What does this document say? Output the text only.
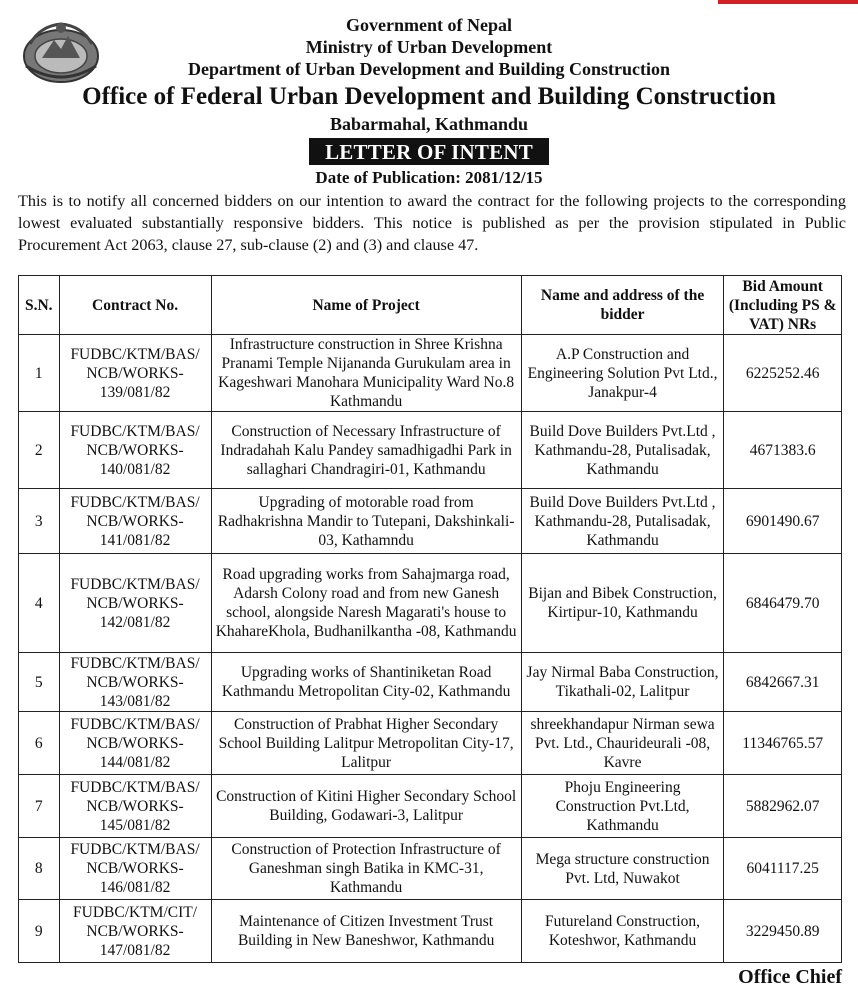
Government of Nepal
Ministry of Urban Development
Department of Urban Development and Building Construction
Office of Federal Urban Development and Building Construction
Babarmahal, Kathmandu
LETTER OF INTENT
Date of Publication: 2081/12/15

This is to notify all concerned bidders on our intention to award the contract for the following projects to the corresponding lowest evaluated substantially responsive bidders. This notice is published as per the provision stipulated in Public Procurement Act 2063, clause 27, sub-clause (2) and (3) and clause 47.

S.N.	Contract No.	Name of Project	Name and address of the bidder	Bid Amount (Including PS & VAT) NRs
1	FUDBC/KTM/BAS/ NCB/WORKS- 139/081/82	Infrastructure construction in Shree Krishna Pranami Temple Nijananda Gurukulam area in Kageshwari Manohara Municipality Ward No.8 Kathmandu	A.P Construction and Engineering Solution Pvt Ltd., Janakpur-4	6225252.46
2	FUDBC/KTM/BAS/ NCB/WORKS- 140/081/82	Construction of Necessary Infrastructure of Indradahah Kalu Pandey samadhigadhi Park in sallaghari Chandragiri-01, Kathmandu	Build Dove Builders Pvt.Ltd , Kathmandu-28, Putalisadak, Kathmandu	4671383.6
3	FUDBC/KTM/BAS/ NCB/WORKS- 141/081/82	Upgrading of motorable road from Radhakrishna Mandir to Tutepani, Dakshinkali-03, Kathamndu	Build Dove Builders Pvt.Ltd , Kathmandu-28, Putalisadak, Kathmandu	6901490.67
4	FUDBC/KTM/BAS/ NCB/WORKS- 142/081/82	Road upgrading works from Sahajmarga road, Adarsh Colony road and from new Ganesh school, alongside Naresh Magarati's house to KhahareKhola, Budhanilkantha -08, Kathmandu	Bijan and Bibek Construction, Kirtipur-10, Kathmandu	6846479.70
5	FUDBC/KTM/BAS/ NCB/WORKS- 143/081/82	Upgrading works of Shantiniketan Road Kathmandu Metropolitan City-02, Kathmandu	Jay Nirmal Baba Construction, Tikathali-02, Lalitpur	6842667.31
6	FUDBC/KTM/BAS/ NCB/WORKS- 144/081/82	Construction of Prabhat Higher Secondary School Building Lalitpur Metropolitan City-17, Lalitpur	shreekhandapur Nirman sewa Pvt. Ltd., Chaurideurali -08, Kavre	11346765.57
7	FUDBC/KTM/BAS/ NCB/WORKS- 145/081/82	Construction of Kitini Higher Secondary School Building, Godawari-3, Lalitpur	Phoju Engineering Construction Pvt.Ltd, Kathmandu	5882962.07
8	FUDBC/KTM/BAS/ NCB/WORKS- 146/081/82	Construction of Protection Infrastructure of Ganeshman singh Batika in KMC-31, Kathmandu	Mega structure construction Pvt. Ltd, Nuwakot	6041117.25
9	FUDBC/KTM/CIT/ NCB/WORKS- 147/081/82	Maintenance of Citizen Investment Trust Building in New Baneshwor, Kathmandu	Futureland Construction, Koteshwor, Kathmandu	3229450.89
Office Chief
